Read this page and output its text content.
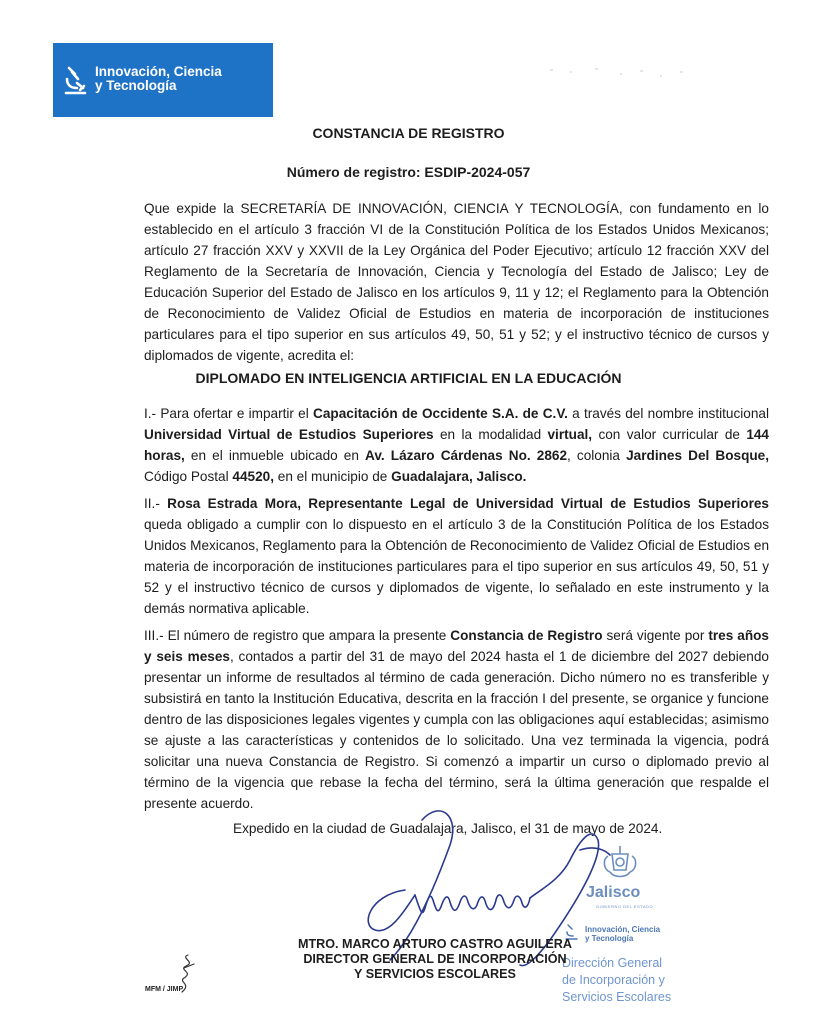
Innovación, Ciencia
y Tecnología
CONSTANCIA DE REGISTRO
Número de registro: ESDIP-2024-057

Que expide la SECRETARÍA DE INNOVACIÓN, CIENCIA Y TECNOLOGÍA, con fundamento en lo establecido en el artículo 3 fracción VI de la Constitución Política de los Estados Unidos Mexicanos; artículo 27 fracción XXV y XXVII de la Ley Orgánica del Poder Ejecutivo; artículo 12 fracción XXV del Reglamento de la Secretaría de Innovación, Ciencia y Tecnología del Estado de Jalisco; Ley de Educación Superior del Estado de Jalisco en los artículos 9, 11 y 12; el Reglamento para la Obtención de Reconocimiento de Validez Oficial de Estudios en materia de incorporación de instituciones particulares para el tipo superior en sus artículos 49, 50, 51 y 52; y el instructivo técnico de cursos y diplomados de vigente, acredita el:

DIPLOMADO EN INTELIGENCIA ARTIFICIAL EN LA EDUCACIÓN

I.- Para ofertar e impartir el Capacitación de Occidente S.A. de C.V. a través del nombre institucional Universidad Virtual de Estudios Superiores en la modalidad virtual, con valor curricular de 144 horas, en el inmueble ubicado en Av. Lázaro Cárdenas No. 2862, colonia Jardines Del Bosque, Código Postal 44520, en el municipio de Guadalajara, Jalisco.

II.- Rosa Estrada Mora, Representante Legal de Universidad Virtual de Estudios Superiores queda obligado a cumplir con lo dispuesto en el artículo 3 de la Constitución Política de los Estados Unidos Mexicanos, Reglamento para la Obtención de Reconocimiento de Validez Oficial de Estudios en materia de incorporación de instituciones particulares para el tipo superior en sus artículos 49, 50, 51 y 52 y el instructivo técnico de cursos y diplomados de vigente, lo señalado en este instrumento y la demás normativa aplicable.

III.- El número de registro que ampara la presente Constancia de Registro será vigente por tres años y seis meses, contados a partir del 31 de mayo del 2024 hasta el 1 de diciembre del 2027 debiendo presentar un informe de resultados al término de cada generación. Dicho número no es transferible y subsistirá en tanto la Institución Educativa, descrita en la fracción I del presente, se organice y funcione dentro de las disposiciones legales vigentes y cumpla con las obligaciones aquí establecidas; asimismo se ajuste a las características y contenidos de lo solicitado. Una vez terminada la vigencia, podrá solicitar una nueva Constancia de Registro. Si comenzó a impartir un curso o diplomado previo al término de la vigencia que rebase la fecha del término, será la última generación que respalde el presente acuerdo.

Expedido en la ciudad de Guadalajara, Jalisco, el 31 de mayo de 2024.

Jalisco
GOBIERNO DEL ESTADO
Innovación, Ciencia
y Tecnología
Dirección General
de Incorporación y
Servicios Escolares
MTRO. MARCO ARTURO CASTRO AGUILERA
DIRECTOR GENERAL DE INCORPORACIÓN
Y SERVICIOS ESCOLARES
MFM / JIMP
